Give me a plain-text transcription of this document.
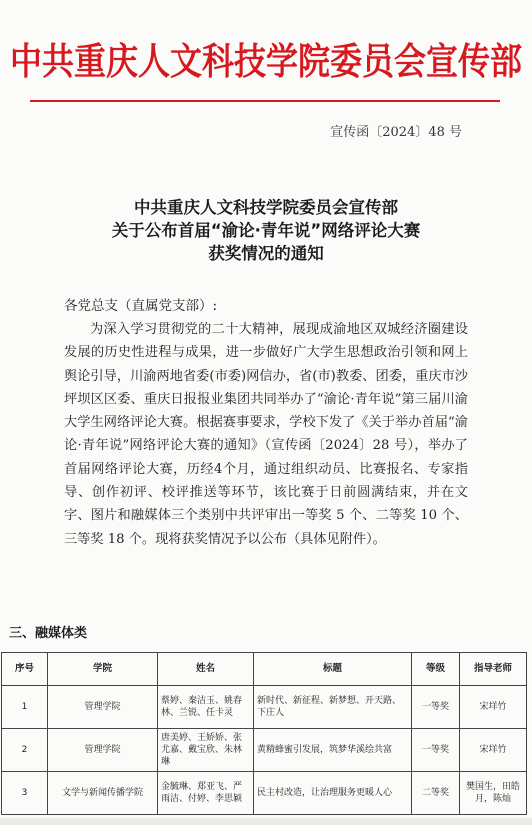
中共重庆人文科技学院委员会宣传部
宣传函〔2024〕48 号
中共重庆人文科技学院委员会宣传部
关于公布首届“渝论·青年说”网络评论大赛
获奖情况的通知
各党总支（直属党支部）:
为深入学习贯彻党的二十大精神，展现成渝地区双城经济圈建设发展的历史性进程与成果，进一步做好广大学生思想政治引领和网上舆论引导，川渝两地省委(市委)网信办，省(市)教委、团委，重庆市沙坪坝区区委、重庆日报报业集团共同举办了“渝论·青年说”第三届川渝大学生网络评论大赛。根据赛事要求，学校下发了《关于举办首届“渝论·青年说”网络评论大赛的通知》（宣传函〔2024〕28 号），举办了首届网络评论大赛，历经4个月，通过组织动员、比赛报名、专家指导、创作初评、校评推送等环节，该比赛于日前圆满结束，并在文字、图片和融媒体三个类别中共评审出一等奖 5 个、二等奖 10 个、三等奖 18 个。现将获奖情况予以公布（具体见附件）。
三、融媒体类
序号	学院	姓名	标题	等级	指导老师
1	管理学院	蔡婷、秦洁玉、姚春林、兰锐、任卡灵	新时代、新征程、新梦想、开天路、下庄人	一等奖	宋垟竹
2	管理学院	唐美婷、王娇娇、张尤嘉、戴宝欣、朱林琳	黄精蜂蜜引发展，筑梦华溪绘共富	一等奖	宋垟竹
3	文学与新闻传播学院	金毓琳、郑亚飞、严雨洁、付婷、李思颖	民主村改造，让治理服务更暖人心	二等奖	樊国生，田皓月，陈灿
